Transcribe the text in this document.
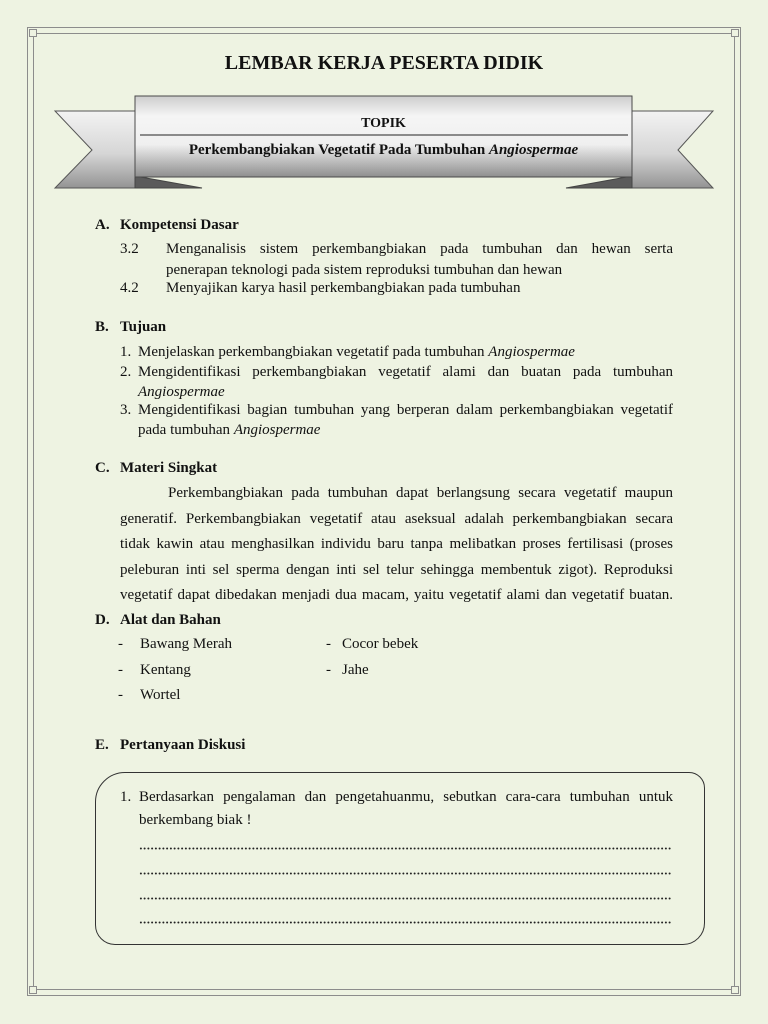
LEMBAR KERJA PESERTA DIDIK
TOPIK
Perkembangbiakan Vegetatif Pada Tumbuhan Angiospermae
A. Kompetensi Dasar
3.2 Menganalisis sistem perkembangbiakan pada tumbuhan dan hewan serta
penerapan teknologi pada sistem reproduksi tumbuhan dan hewan
4.2 Menyajikan karya hasil perkembangbiakan pada tumbuhan
B. Tujuan
1. Menjelaskan perkembangbiakan vegetatif pada tumbuhan Angiospermae
2. Mengidentifikasi perkembangbiakan vegetatif alami dan buatan pada tumbuhan
Angiospermae
3. Mengidentifikasi bagian tumbuhan yang berperan dalam perkembangbiakan vegetatif
pada tumbuhan Angiospermae
C. Materi Singkat
Perkembangbiakan pada tumbuhan dapat berlangsung secara vegetatif maupun
generatif. Perkembangbiakan vegetatif atau aseksual adalah perkembangbiakan secara
tidak kawin atau menghasilkan individu baru tanpa melibatkan proses fertilisasi (proses
peleburan inti sel sperma dengan inti sel telur sehingga membentuk zigot). Reproduksi
vegetatif dapat dibedakan menjadi dua macam, yaitu vegetatif alami dan vegetatif buatan.
D. Alat dan Bahan
- Bawang Merah
- Kentang
- Wortel
- Cocor bebek
- Jahe
E. Pertanyaan Diskusi
1. Berdasarkan pengalaman dan pengetahuanmu, sebutkan cara-cara tumbuhan untuk
berkembang biak !
